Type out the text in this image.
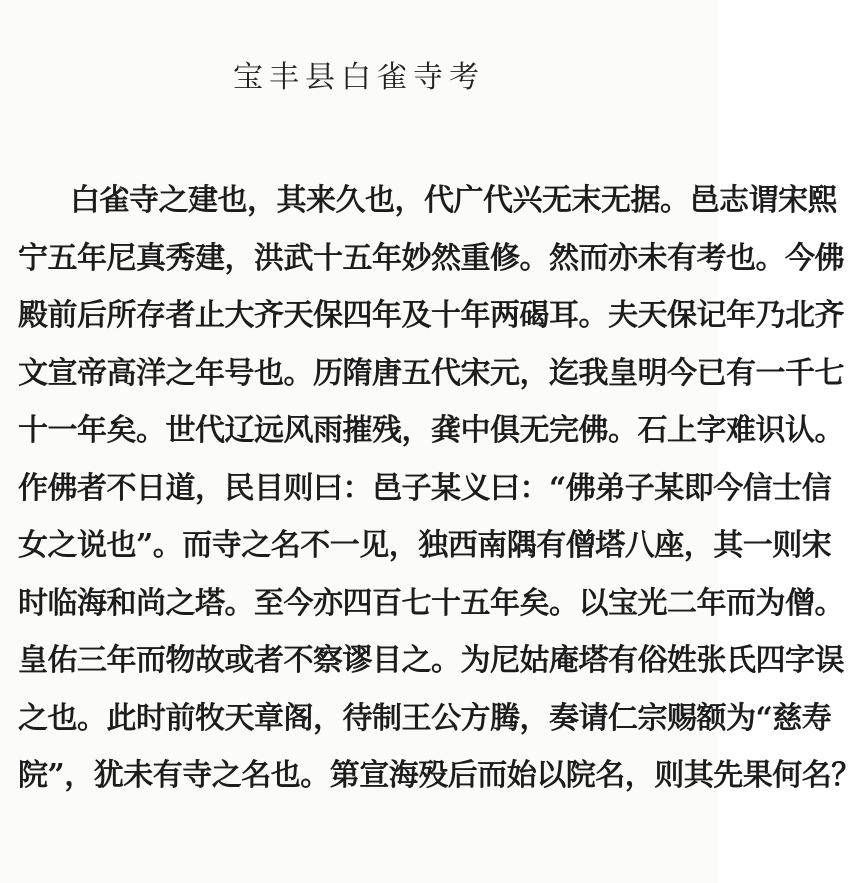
宝丰县白雀寺考
白雀寺之建也，其来久也，代广代兴无末无据。邑志谓宋熙
宁五年尼真秀建，洪武十五年妙然重修。然而亦未有考也。今佛
殿前后所存者止大齐天保四年及十年两碣耳。夫天保记年乃北齐
文宣帝高洋之年号也。历隋唐五代宋元，迄我皇明今已有一千七
十一年矣。世代辽远风雨摧残，龚中俱无完佛。石上字难识认。
作佛者不日道，民目则曰：邑子某义曰：“佛弟子某即今信士信
女之说也”。而寺之名不一见，独西南隅有僧塔八座，其一则宋
时临海和尚之塔。至今亦四百七十五年矣。以宝光二年而为僧。
皇佑三年而物故或者不察谬目之。为尼姑庵塔有俗姓张氏四字误
之也。此时前牧天章阁，待制王公方腾，奏请仁宗赐额为“慈寿
院”，犹未有寺之名也。第宣海殁后而始以院名，则其先果何名？
